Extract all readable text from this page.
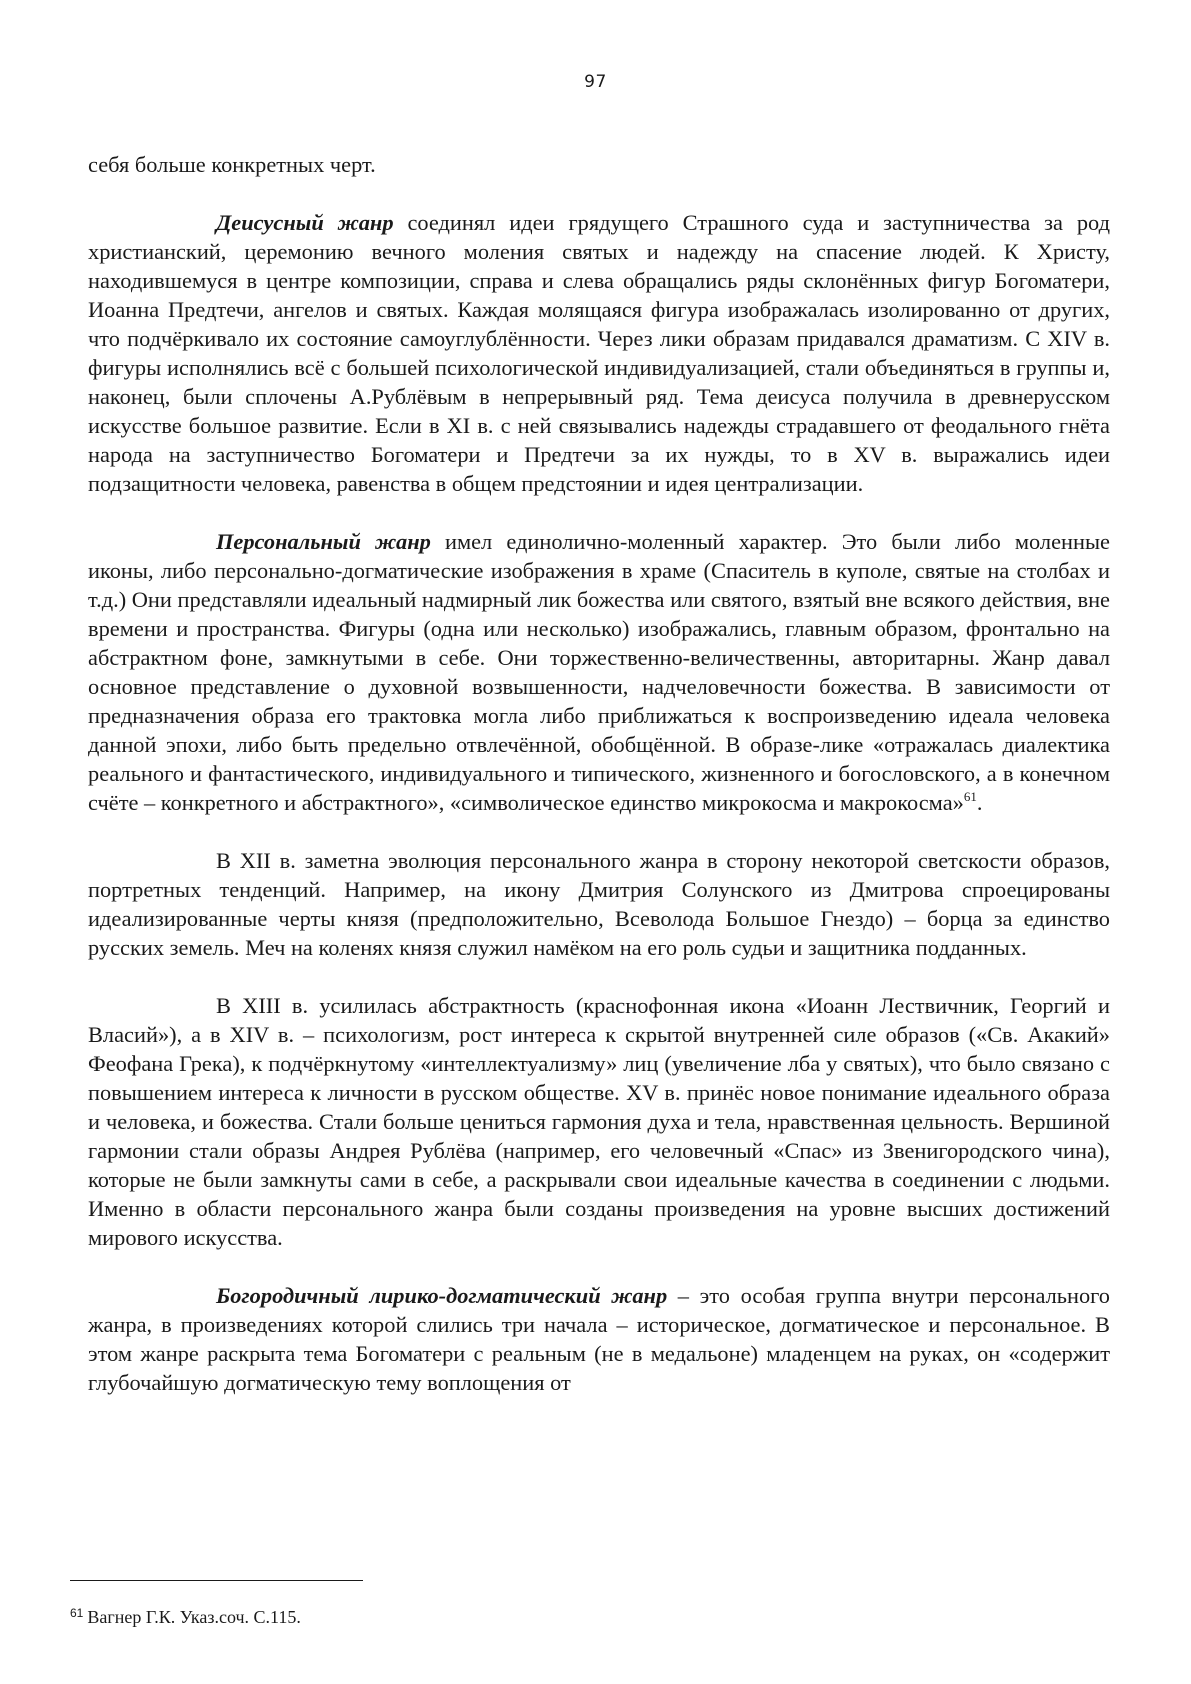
97

себя больше конкретных черт.

Деисусный жанр соединял идеи грядущего Страшного суда и заступничества за род христианский, церемонию вечного моления святых и надежду на спасение людей. К Христу, находившемуся в центре композиции, справа и слева обращались ряды склонённых фигур Богоматери, Иоанна Предтечи, ангелов и святых. Каждая молящаяся фигура изображалась изолированно от других, что подчёркивало их состояние самоуглублённости. Через лики образам придавался драматизм. С XIV в. фигуры исполнялись всё с большей психологической индивидуализацией, стали объединяться в группы и, наконец, были сплочены А.Рублёвым в непрерывный ряд. Тема деисуса получила в древнерусском искусстве большое развитие. Если в XI в. с ней связывались надежды страдавшего от феодального гнёта народа на заступничество Богоматери и Предтечи за их нужды, то в XV в. выражались идеи подзащитности человека, равенства в общем предстоянии и идея централизации.

Персональный жанр имел единолично-моленный характер. Это были либо моленные иконы, либо персонально-догматические изображения в храме (Спаситель в куполе, святые на столбах и т.д.) Они представляли идеальный надмирный лик божества или святого, взятый вне всякого действия, вне времени и пространства. Фигуры (одна или несколько) изображались, главным образом, фронтально на абстрактном фоне, замкнутыми в себе. Они торжественно-величественны, авторитарны. Жанр давал основное представление о духовной возвышенности, надчеловечности божества. В зависимости от предназначения образа его трактовка могла либо приближаться к воспроизведению идеала человека данной эпохи, либо быть предельно отвлечённой, обобщённой. В образе-лике «отражалась диалектика реального и фантастического, индивидуального и типического, жизненного и богословского, а в конечном счёте – конкретного и абстрактного», «символическое единство микрокосма и макрокосма»$^{61}$.

В XII в. заметна эволюция персонального жанра в сторону некоторой светскости образов, портретных тенденций. Например, на икону Дмитрия Солунского из Дмитрова спроецированы идеализированные черты князя (предположительно, Всеволода Большое Гнездо) – борца за единство русских земель. Меч на коленях князя служил намёком на его роль судьи и защитника подданных.

В XIII в. усилилась абстрактность (краснофонная икона «Иоанн Лествичник, Георгий и Власий»), а в XIV в. – психологизм, рост интереса к скрытой внутренней силе образов («Св. Акакий» Феофана Грека), к подчёркнутому «интеллектуализму» лиц (увеличение лба у святых), что было связано с повышением интереса к личности в русском обществе. XV в. принёс новое понимание идеального образа и человека, и божества. Стали больше цениться гармония духа и тела, нравственная цельность. Вершиной гармонии стали образы Андрея Рублёва (например, его человечный «Спас» из Звенигородского чина), которые не были замкнуты сами в себе, а раскрывали свои идеальные качества в соединении с людьми. Именно в области персонального жанра были созданы произведения на уровне высших достижений мирового искусства.

Богородичный лирико-догматический жанр – это особая группа внутри персонального жанра, в произведениях которой слились три начала – историческое, догматическое и персональное. В этом жанре раскрыта тема Богоматери с реальным (не в медальоне) младенцем на руках, он «содержит глубочайшую догматическую тему воплощения от

$^{61}$ Вагнер Г.К. Указ.соч. С.115.
